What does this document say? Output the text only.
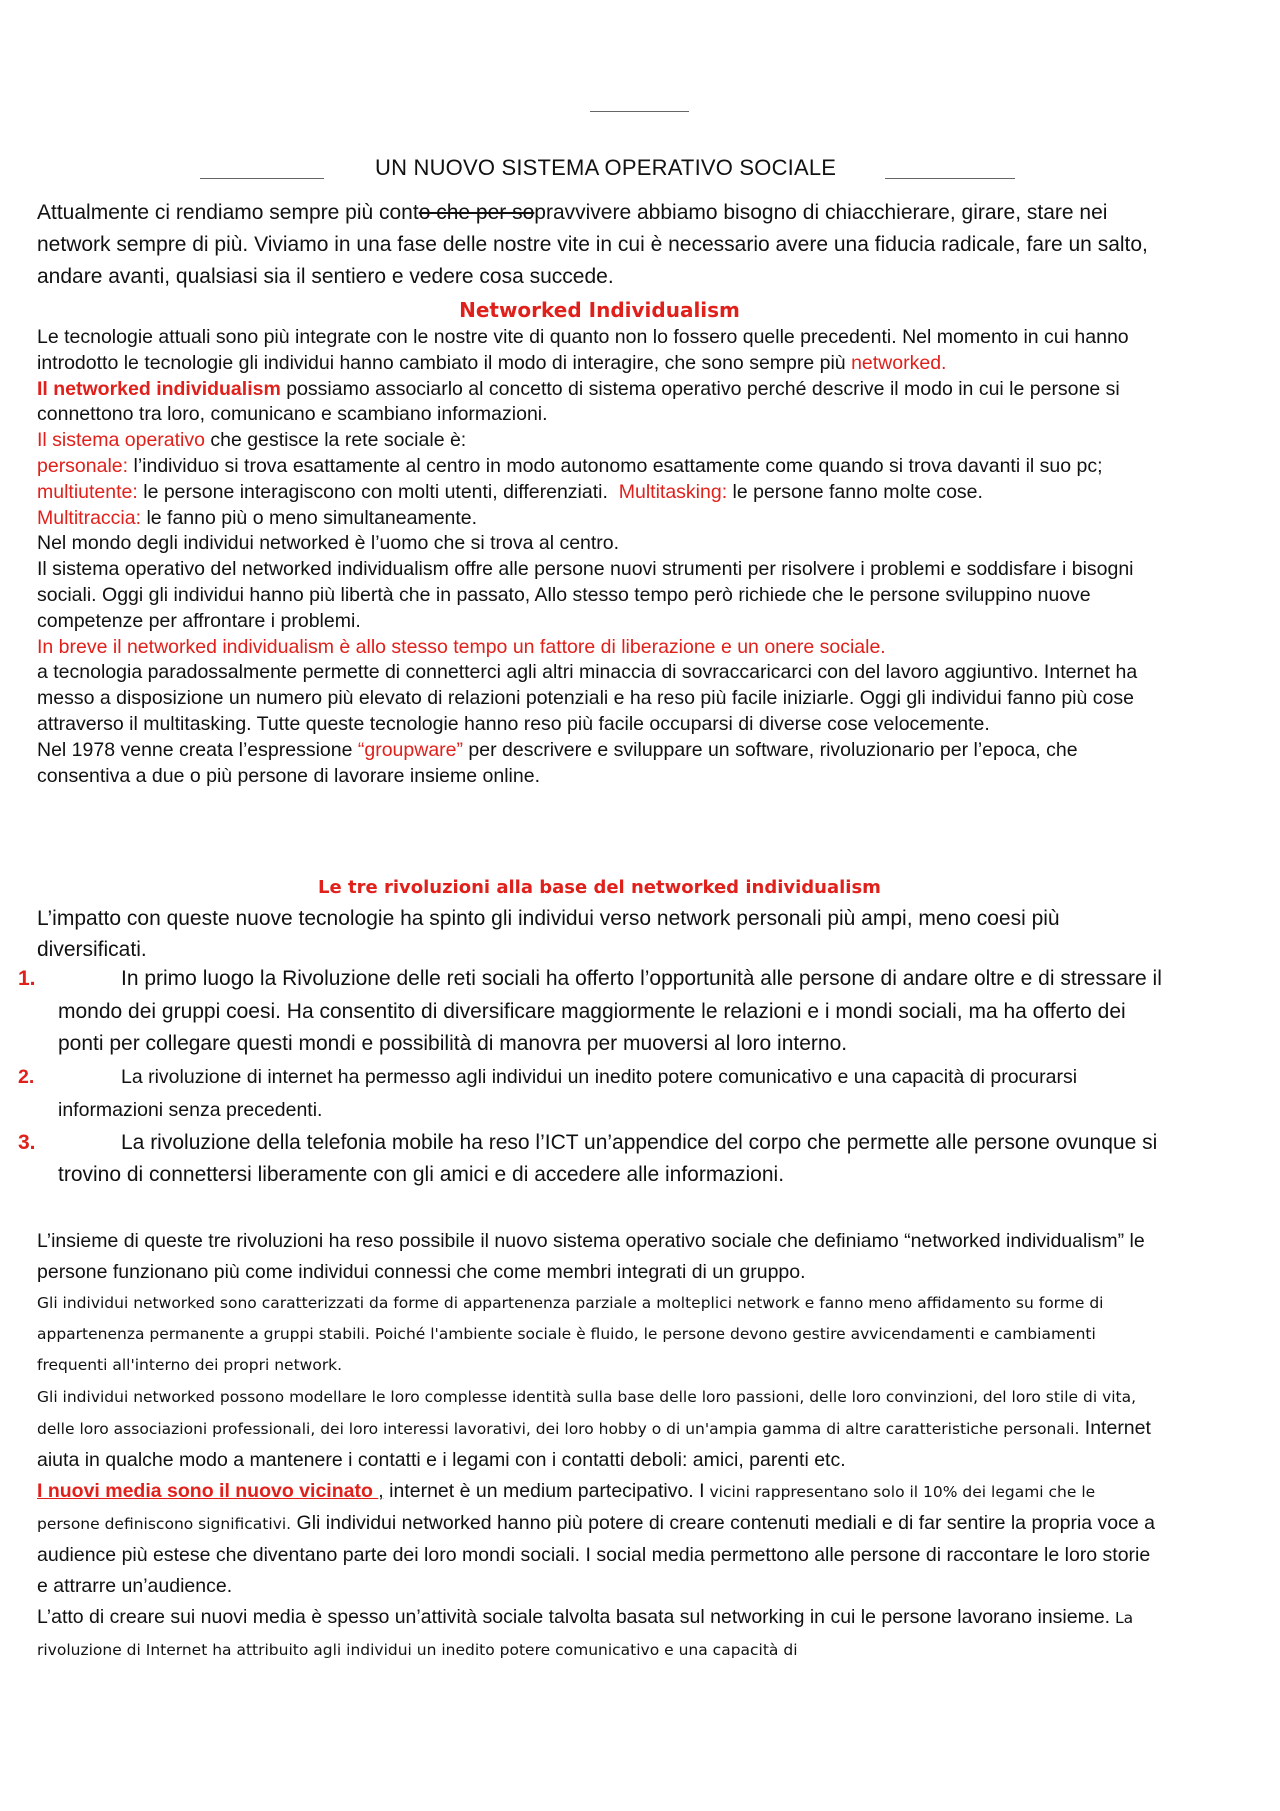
UN NUOVO SISTEMA OPERATIVO SOCIALE
Attualmente ci rendiamo sempre più conto che per sopravvivere abbiamo bisogno di chiacchierare, girare, stare nei network sempre di più. Viviamo in una fase delle nostre vite in cui è necessario avere una fiducia radicale, fare un salto, andare avanti, qualsiasi sia il sentiero e vedere cosa succede.
Networked Individualism

Le tecnologie attuali sono più integrate con le nostre vite di quanto non lo fossero quelle precedenti. Nel momento in cui hanno introdotto le tecnologie gli individui hanno cambiato il modo di interagire, che sono sempre più networked.

Il networked individualism possiamo associarlo al concetto di sistema operativo perché descrive il modo in cui le persone si connettono tra loro, comunicano e scambiano informazioni.

Il sistema operativo che gestisce la rete sociale è:

personale: l’individuo si trova esattamente al centro in modo autonomo esattamente come quando si trova davanti il suo pc;

multiutente: le persone interagiscono con molti utenti, differenziati.  Multitasking: le persone fanno molte cose.

Multitraccia: le fanno più o meno simultaneamente.

Nel mondo degli individui networked è l’uomo che si trova al centro.

Il sistema operativo del networked individualism offre alle persone nuovi strumenti per risolvere i problemi e soddisfare i bisogni sociali. Oggi gli individui hanno più libertà che in passato, Allo stesso tempo però richiede che le persone sviluppino nuove competenze per affrontare i problemi.

In breve il networked individualism è allo stesso tempo un fattore di liberazione e un onere sociale.

a tecnologia paradossalmente permette di connetterci agli altri minaccia di sovraccaricarci con del lavoro aggiuntivo. Internet ha messo a disposizione un numero più elevato di relazioni potenziali e ha reso più facile iniziarle. Oggi gli individui fanno più cose attraverso il multitasking. Tutte queste tecnologie hanno reso più facile occuparsi di diverse cose velocemente.

Nel 1978 venne creata l’espressione “groupware” per descrivere e sviluppare un software, rivoluzionario per l’epoca, che consentiva a due o più persone di lavorare insieme online.

Le tre rivoluzioni alla base del networked individualism

L’impatto con queste nuove tecnologie ha spinto gli individui verso network personali più ampi, meno coesi più diversificati.

1.	In primo luogo la Rivoluzione delle reti sociali ha offerto l’opportunità alle persone di andare oltre e di stressare il mondo dei gruppi coesi. Ha consentito di diversificare maggiormente le relazioni e i mondi sociali, ma ha offerto dei ponti per collegare questi mondi e possibilità di manovra per muoversi al loro interno.
2.	La rivoluzione di internet ha permesso agli individui un inedito potere comunicativo e una capacità di procurarsi informazioni senza precedenti.
3.	La rivoluzione della telefonia mobile ha reso l’ICT un’appendice del corpo che permette alle persone ovunque si trovino di connettersi liberamente con gli amici e di accedere alle informazioni.

L’insieme di queste tre rivoluzioni ha reso possibile il nuovo sistema operativo sociale che definiamo “networked individualism” le persone funzionano più come individui connessi che come membri integrati di un gruppo.

Gli individui networked sono caratterizzati da forme di appartenenza parziale a molteplici network e fanno meno affidamento su forme di appartenenza permanente a gruppi stabili. Poiché l'ambiente sociale è fluido, le persone devono gestire avvicendamenti e cambiamenti frequenti all'interno dei propri network.

Gli individui networked possono modellare le loro complesse identità sulla base delle loro passioni, delle loro convinzioni, del loro stile di vita, delle loro associazioni professionali, dei loro interessi lavorativi, dei loro hobby o di un'ampia gamma di altre caratteristiche personali. Internet aiuta in qualche modo a mantenere i contatti e i legami con i contatti deboli: amici, parenti etc.

I nuovi media sono il nuovo vicinato , internet è un medium partecipativo. I vicini rappresentano solo il 10% dei legami che le persone definiscono significativi. Gli individui networked hanno più potere di creare contenuti mediali e di far sentire la propria voce a audience più estese che diventano parte dei loro mondi sociali. I social media permettono alle persone di raccontare le loro storie e attrarre un’audience.

L’atto di creare sui nuovi media è spesso un’attività sociale talvolta basata sul networking in cui le persone lavorano insieme. La rivoluzione di Internet ha attribuito agli individui un inedito potere comunicativo e una capacità di
